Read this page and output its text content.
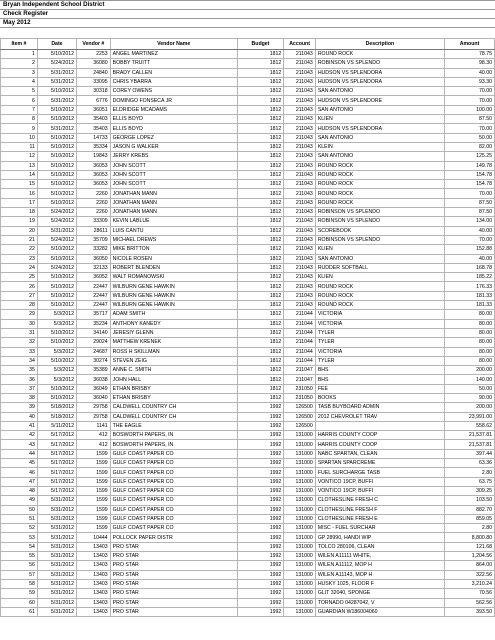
Bryan Independent School District
Check Register
May 2012
Item #	Date	Vendor #	Vendor Name	Budget	Account	Description	Amount
1	5/10/2012	2253	ANGEL MARTINEZ	1812	211043	ROUND ROCK	78.75
2	5/24/2012	36080	BOBBY TRUITT	1812	211043	ROBINSON VS SPLENDO	98.30
3	5/31/2012	24840	BRADY CALLEN	1812	211043	HUDSON VS SPLENDORA	40.00
4	5/31/2012	33095	CHRIS YBARRA	1812	211043	HUDSON VS SPLENDORA	93.30
5	5/10/2012	30318	COREY OWENS	1812	211043	SAN ANTONIO	70.00
6	5/31/2012	6776	DOMINGO FONSECA JR	1812	211043	HUDSON VS SPLENDORE	70.00
7	5/10/2012	36051	ELDRIDGE MCADAMS	1812	211043	SAN ANTONIO	100.00
8	5/10/2012	35403	ELLIS BOYD	1812	211043	KLIEN	87.50
9	5/31/2012	35403	ELLIS BOYD	1812	211043	HUDSON VS SPLENDORA	70.00
10	5/10/2012	14733	GEORGE LOPEZ	1812	211043	SAN ANTONIO	50.00
11	5/10/2012	35334	JASON G WALKER	1812	211043	KLEIN	82.00
12	5/10/2012	19843	JERRY KREBS	1812	211043	SAN ANTONIO	125.25
13	5/10/2012	36053	JOHN SCOTT	1812	211043	ROUND ROCK	149.78
14	5/10/2012	36053	JOHN SCOTT	1812	211043	ROUND ROCK	154.78
15	5/10/2012	36053	JOHN SCOTT	1812	211043	ROUND ROCK	154.78
16	5/10/2012	2260	JONATHAN MANN	1812	211043	ROUND ROCK	70.00
17	5/10/2012	2260	JONATHAN MANN	1812	211043	ROUND ROCK	87.50
18	5/24/2012	2260	JONATHAN MANN	1812	211043	ROBINSON VS SPLENDO	87.50
19	5/24/2012	33309	KEVIN LABLUE	1812	211043	ROBINSON VS SPLENDO	134.00
20	5/31/2012	28611	LUIS CANTU	1812	211043	SCOREBOOK	40.00
21	5/24/2012	35709	MICHAEL DREWS	1812	211043	ROBINSON VS SPLENDO	70.00
22	5/10/2012	33282	MIKE BRITTON	1812	211043	KLIEN	152.88
23	5/10/2012	36050	NICOLE ROSEN	1812	211043	SAN ANTONIO	40.00
24	5/24/2012	32133	ROBERT BLENDEN	1812	211043	RUDDER SOFTBALL	168.78
25	5/10/2012	36052	WALT ROMANOWSKI	1812	211043	KLIEN	185.22
26	5/10/2012	22447	WILBURN GENE HAWKIN	1812	211043	ROUND ROCK	176.33
27	5/10/2012	22447	WILBURN GENE HAWKIN	1812	211043	ROUND ROCK	181.33
28	5/10/2012	22447	WILBURN GENE HAWKIN	1812	211043	ROUND ROCK	181.33
29	5/3/2012	35717	ADAM SMITH	1812	211044	VICTORIA	80.00
30	5/3/2012	35234	ANTHONY KANEDY	1812	211044	VICTORIA	80.00
31	5/10/2012	34140	JERESIY GLENN	1812	211044	TYLER	80.00
32	5/10/2012	29024	MATTHEW KRENEK	1812	211044	TYLER	80.00
33	5/3/2012	24687	ROSS H SKILLMAN	1812	211044	VICTORIA	80.00
34	5/10/2012	30274	STEVEN ZEIG	1812	211044	TYLER	80.00
35	5/3/2012	35389	ANNE C. SMITH	1812	211047	BHS	200.00
36	5/3/2012	36038	JOHN HALL	1812	211047	BHS	140.00
37	5/10/2012	36049	ETHAN BRISBY	1812	231050	FEE	50.00
38	5/10/2012	36040	ETHAN BRISBY	1812	231050	BOOKS	90.00
39	5/18/2012	29758	CALDWELL COUNTRY CH	1992	126500	TASB BUYBOARD ADMIN	200.00
40	5/18/2012	29758	CALDWELL COUNTRY CH	1992	126500	2012 CHEVROLET TRAV	23,991.00
41	5/11/2012	1141	THE EAGLE	1992	126500		558.62
42	5/17/2012	412	BOSWORTH PAPERS, IN	1992	131000	HARRIS COUNTY COOP	21,537.81
43	5/17/2012	412	BOSWORTH PAPERS, IN	1992	131000	HARRIS COUNTY COOP	21,537.81
44	5/17/2012	1599	GULF COAST PAPER CO	1992	131000	NABC SPARTAN, CLEAN	397.44
45	5/17/2012	1599	GULF COAST PAPER CO	1992	131000	SPARTAN SPARCREME	63.36
46	5/17/2012	1599	GULF COAST PAPER CO	1992	131000	FUEL SURCHARGE TASB	2.80
47	5/17/2012	1599	GULF COAST PAPER CO	1992	131000	VONTICO 19CP, BUFFI	63.75
48	5/17/2012	1599	GULF COAST PAPER CO	1992	131000	VONTICO 19CP, BUFFI	309.25
49	5/31/2012	1599	GULF COAST PAPER CO	1992	131000	CLOTHESLINE FRESH C	103.50
50	5/31/2012	1599	GULF COAST PAPER CO	1992	131000	CLOTHESLINE FRESH F	882.70
51	5/31/2012	1599	GULF COAST PAPER CO	1992	131000	CLOTHESLINE FRESH E	859.05
52	5/31/2012	1599	GULF COAST PAPER CO	1992	131000	MISC - FUEL SURCHAR	2.80
53	5/31/2012	10444	POLLOCK PAPER DISTR	1992	131000	GP 28990, HANDI WIP	8,800.80
54	5/31/2012	13403	PRO STAR	1992	131000	TOLCO 280106, CLEAN	121.68
55	5/31/2012	13403	PRO STAR	1992	131000	WILEN A11111 WHITE,	1,204.56
56	5/31/2012	13403	PRO STAR	1992	131000	WILEN A11112, MOP H	864.00
57	5/31/2012	13403	PRO STAR	1992	131000	WILEN A11143, MOP H	322.56
58	5/31/2012	13403	PRO STAR	1992	131000	HUSKY 1025, FLOOR F	3,210.24
59	5/31/2012	13403	PRO STAR	1992	131000	GLIT 32040, SPONGE	70.56
60	5/31/2012	13403	PRO STAR	1992	131000	TORNADO 04287042, V	562.56
61	5/31/2012	13403	PRO STAR	1992	131000	GUARDIAN W186004060	393.50
